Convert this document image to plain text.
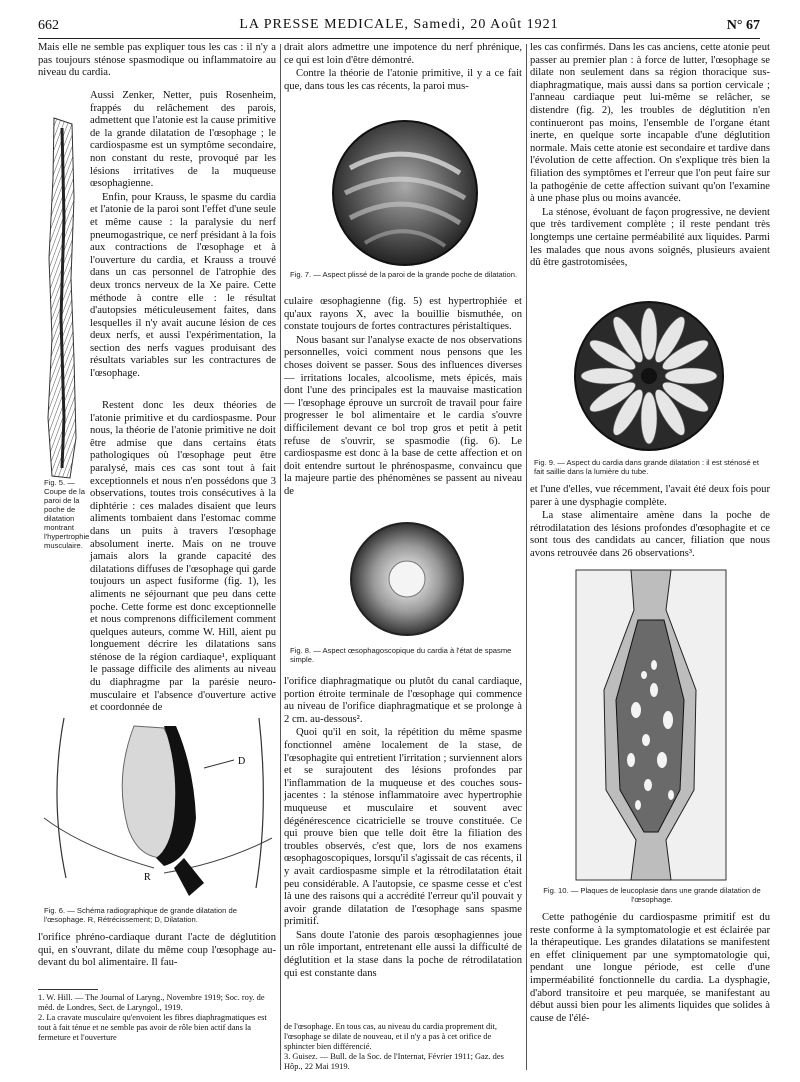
662	LA PRESSE MEDICALE, Samedi, 20 Août 1921	N° 67

Mais elle ne semble pas expliquer tous les cas : il n'y a pas toujours sténose spasmodique ou inflammatoire au niveau du cardia.

Fig. 5. — Coupe de la paroi de la poche de dilatation montrant l'hypertrophie musculaire.

Aussi Zenker, Netter, puis Rosenheim, frappés du relâchement des parois, admettent que l'atonie est la cause primitive de la grande dilatation de l'œsophage ; le cardiospasme est un symptôme secondaire, non constant du reste, provoqué par les lésions irritatives de la muqueuse œsophagienne.

Enfin, pour Krauss, le spasme du cardia et l'atonie de la paroi sont l'effet d'une seule et même cause : la paralysie du nerf pneumogastrique, ce nerf présidant à la fois aux contractions de l'œsophage et à l'ouverture du cardia, et Krauss a trouvé dans un cas personnel de l'atrophie des deux troncs nerveux de la Xe paire. Cette méthode à contre elle : le résultat d'autopsies méticuleusement faites, dans lesquelles il n'y avait aucune lésion de ces deux nerfs, et aussi l'expérimentation, la section des nerfs vagues produisant des résultats variables sur les contractures de l'œsophage.

Restent donc les deux théories de l'atonie primitive et du cardiospasme. Pour nous, la théorie de l'atonie primitive ne doit être admise que dans certains états pathologiques où l'œsophage peut être paralysé, mais ces cas sont tout à fait exceptionnels et nous n'en possédons que 3 observations, toutes trois consécutives à la diphtérie : ces malades disaient que leurs aliments tombaient dans l'estomac comme dans un puits à travers l'œsophage absolument inerte. Mais on ne trouve jamais alors la grande capacité des dilatations diffuses de l'œsophage qui garde toujours un aspect fusiforme (fig. 1), les aliments ne séjournant que peu dans cette poche. Cette forme est donc exceptionnelle et nous comprenons difficilement comment quelques auteurs, comme W. Hill, aient pu longuement décrire les dilatations sans sténose de la région cardiaque¹, expliquant le passage difficile des aliments au niveau du diaphragme par la parésie neuro-musculaire et l'absence d'ouverture active et coordonnée de

D
R
Fig. 6. — Schéma radiographique de grande dilatation de l'œsophage. R, Rétrécissement; D, Dilatation.

l'orifice phréno-cardiaque durant l'acte de déglutition qui, en s'ouvrant, dilate du même coup l'œsophage au-devant du bol alimentaire. Il fau-

1. W. Hill. — The Journal of Laryng., Novembre 1919; Soc. roy. de méd. de Londres, Sect. de Laryngol., 1919.
2. La cravate musculaire qu'envoient les fibres diaphragmatiques est tout à fait ténue et ne semble pas avoir de rôle bien actif dans la fermeture et l'ouverture

drait alors admettre une impotence du nerf phrénique, ce qui est loin d'être démontré.

Contre la théorie de l'atonie primitive, il y a ce fait que, dans tous les cas récents, la paroi mus-

Fig. 7. — Aspect plissé de la paroi de la grande poche de dilatation.

culaire œsophagienne (fig. 5) est hypertrophiée et qu'aux rayons X, avec la bouillie bismuthée, on constate toujours de fortes contractures péristaltiques.

Nous basant sur l'analyse exacte de nos observations personnelles, voici comment nous pensons que les choses doivent se passer. Sous des influences diverses — irritations locales, alcoolisme, mets épicés, mais dont l'une des principales est la mauvaise mastication — l'œsophage éprouve un surcroît de travail pour faire progresser le bol alimentaire et le cardia s'ouvre difficilement devant ce bol trop gros et petit à petit refuse de s'ouvrir, se spasmodie (fig. 6). Le cardiospasme est donc à la base de cette affection et on doit entendre surtout le phrénospasme, convaincu que la majeure partie des phénomènes se passent au niveau de

Fig. 8. — Aspect œsophagoscopique du cardia à l'état de spasme simple.

l'orifice diaphragmatique ou plutôt du canal cardiaque, portion étroite terminale de l'œsophage qui commence au niveau de l'orifice diaphragmatique et se prolonge à 2 cm. au-dessous².

Quoi qu'il en soit, la répétition du même spasme fonctionnel amène localement de la stase, de l'œsophagite qui entretient l'irritation ; surviennent alors et se surajoutent des lésions profondes par l'inflammation de la muqueuse et des couches sous-jacentes : la sténose inflammatoire avec hypertrophie muqueuse et musculaire et souvent avec dégénérescence cicatricielle se trouve constituée. Ce qui prouve bien que telle doit être la filiation des troubles observés, c'est que, lors de nos examens œsophagoscopiques, lorsqu'il s'agissait de cas récents, il y avait cardiospasme simple et la rétrodilatation était peu considérable. A l'autopsie, ce spasme cesse et c'est là une des raisons qui a accrédité l'erreur qu'il pouvait y avoir grande dilatation de l'œsophage sans spasme primitif.

Sans doute l'atonie des parois œsophagiennes joue un rôle important, entretenant elle aussi la difficulté de déglutition et la stase dans la poche de rétrodilatation qui est constante dans

de l'œsophage. En tous cas, au niveau du cardia proprement dit, l'œsophage se dilate de nouveau, et il n'y a pas à cet orifice de sphincter bien différencié.
3. Guisez. — Bull. de la Soc. de l'Internat, Février 1911; Gaz. des Hôp., 22 Mai 1919.

les cas confirmés. Dans les cas anciens, cette atonie peut passer au premier plan : à force de lutter, l'œsophage se dilate non seulement dans sa région thoracique sus-diaphragmatique, mais aussi dans sa portion cervicale ; l'anneau cardiaque peut lui-même se relâcher, se distendre (fig. 2), les troubles de déglutition n'en continueront pas moins, l'ensemble de l'organe étant inerte, en quelque sorte incapable d'une déglutition normale. Mais cette atonie est secondaire et tardive dans l'évolution de cette affection. On s'explique très bien la filiation des symptômes et l'erreur que l'on peut faire sur la pathogénie de cette affection suivant qu'on l'examine à une phase plus ou moins avancée.

La sténose, évoluant de façon progressive, ne devient que très tardivement complète ; il reste pendant très longtemps une certaine perméabilité aux liquides. Parmi les malades que nous avons soignés, plusieurs avaient dû être gastrotomisées,

Fig. 9. — Aspect du cardia dans grande dilatation : il est sténosé et fait saillie dans la lumière du tube.

et l'une d'elles, vue récemment, l'avait été deux fois pour parer à une dysphagie complète.

La stase alimentaire amène dans la poche de rétrodilatation des lésions profondes d'œsophagite et ce sont tous des candidats au cancer, filiation que nous avons retrouvée dans 26 observations³.

Fig. 10. — Plaques de leucoplasie dans une grande dilatation de l'œsophage.

Cette pathogénie du cardiospasme primitif est du reste conforme à la symptomatologie et est éclairée par la thérapeutique. Les grandes dilatations se manifestent en effet cliniquement par une symptomatologie qui, pendant une longue période, est celle d'une imperméabilité fonctionnelle du cardia. La dysphagie, d'abord transitoire et peu marquée, se manifestant au début aussi bien pour les aliments liquides que solides à cause de l'élé-
